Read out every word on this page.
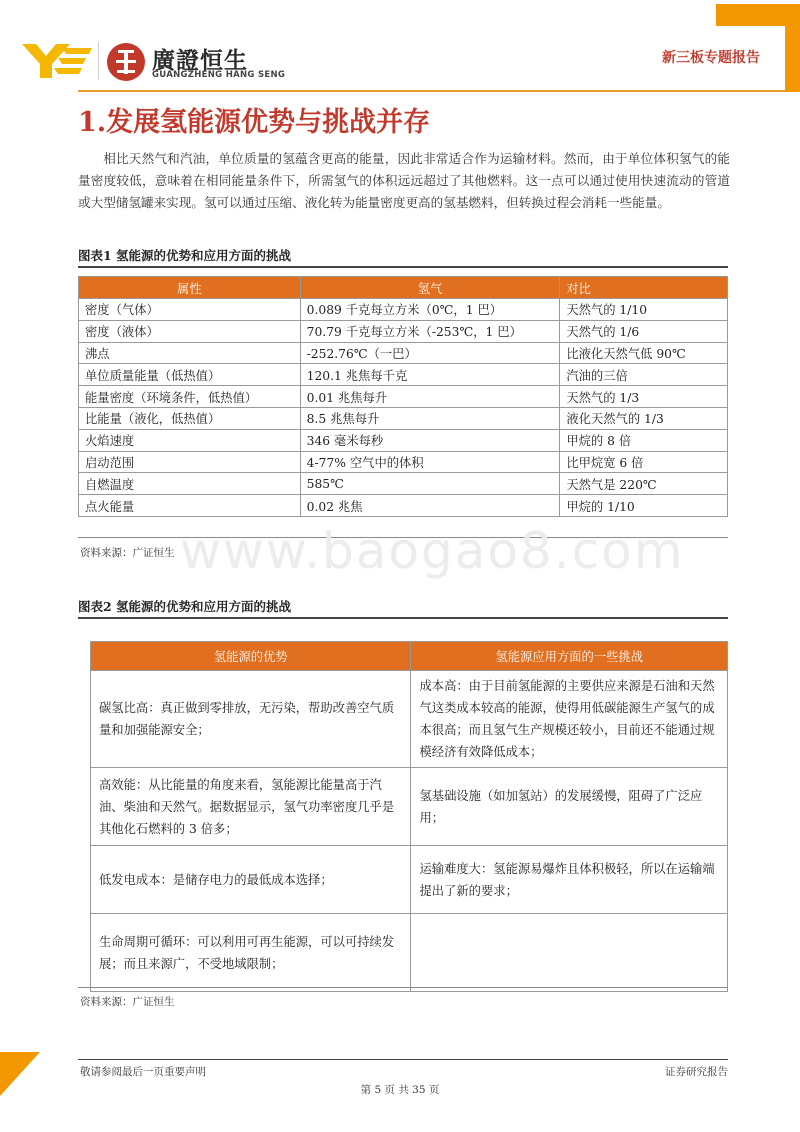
廣證恒生
GUANGZHENG HANG SENG
新三板专题报告
1.发展氢能源优势与挑战并存

相比天然气和汽油，单位质量的氢蕴含更高的能量，因此非常适合作为运输材料。然而，由于单位体积氢气的能量密度较低，意味着在相同能量条件下，所需氢气的体积远远超过了其他燃料。这一点可以通过使用快速流动的管道或大型储氢罐来实现。氢可以通过压缩、液化转为能量密度更高的氢基燃料，但转换过程会消耗一些能量。

图表1 氢能源的优势和应用方面的挑战
属性	氢气	对比
密度（气体）	0.089 千克每立方米（0℃，1 巴）	天然气的 1/10
密度（液体）	70.79 千克每立方米（-253℃，1 巴）	天然气的 1/6
沸点	-252.76℃（一巴）	比液化天然气低 90℃
单位质量能量（低热值）	120.1 兆焦每千克	汽油的三倍
能量密度（环境条件，低热值）	0.01 兆焦每升	天然气的 1/3
比能量（液化，低热值）	8.5 兆焦每升	液化天然气的 1/3
火焰速度	346 毫米每秒	甲烷的 8 倍
启动范围	4-77% 空气中的体积	比甲烷宽 6 倍
自燃温度	585℃	天然气是 220℃
点火能量	0.02 兆焦	甲烷的 1/10
资料来源：广证恒生 www.baogao8.com
图表2 氢能源的优势和应用方面的挑战
氢能源的优势	氢能源应用方面的一些挑战
碳氢比高：真正做到零排放，无污染，帮助改善空气质量和加强能源安全；	成本高：由于目前氢能源的主要供应来源是石油和天然气这类成本较高的能源，使得用低碳能源生产氢气的成本很高；而且氢气生产规模还较小，目前还不能通过规模经济有效降低成本；
高效能：从比能量的角度来看，氢能源比能量高于汽油、柴油和天然气。据数据显示，氢气功率密度几乎是其他化石燃料的 3 倍多；	氢基础设施（如加氢站）的发展缓慢，阻碍了广泛应用；
低发电成本：是储存电力的最低成本选择；	运输难度大：氢能源易爆炸且体积极轻，所以在运输端提出了新的要求；
生命周期可循环：可以利用可再生能源，可以可持续发展；而且来源广，不受地域限制；	
资料来源：广证恒生
敬请参阅最后一页重要声明	证券研究报告
第 5 页 共 35 页
